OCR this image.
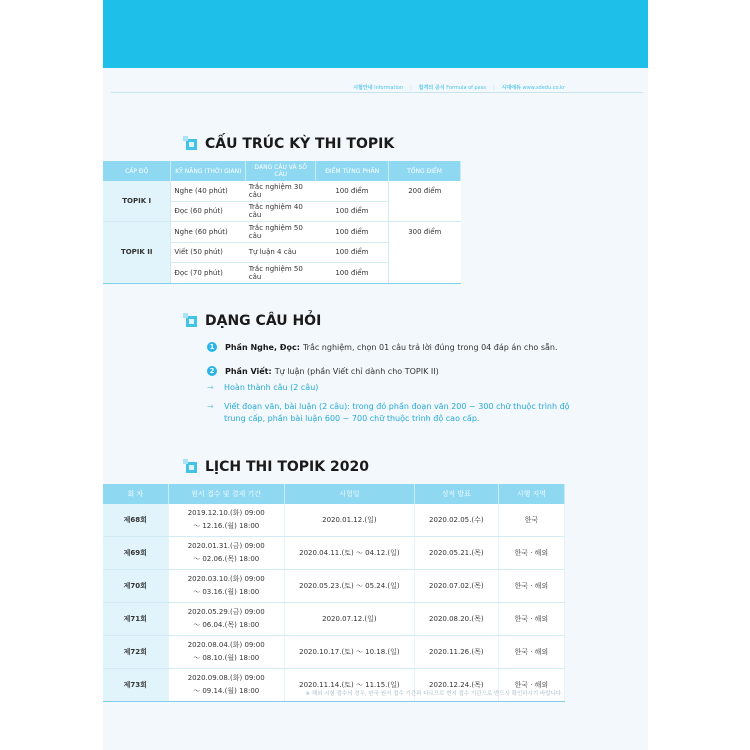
시험안내 Information | 합격의 공식 Formula of pass | 시대에듀 www.sdedu.co.kr
CẤU TRÚC KỲ THI TOPIK
CẤP ĐỘ	KỸ NĂNG (THỜI GIAN)	DẠNG CÂU VÀ SỐ CÂU	ĐIỂM TỪNG PHẦN	TỔNG ĐIỂM
TOPIK I	Nghe (40 phút)	Trắc nghiệm 30 câu	100 điểm	200 điểm
	Đọc (60 phút)	Trắc nghiệm 40 câu	100 điểm	
TOPIK II	Nghe (60 phút)	Trắc nghiệm 50 câu	100 điểm	300 điểm
	Viết (50 phút)	Tự luận 4 câu	100 điểm	
	Đọc (70 phút)	Trắc nghiệm 50 câu	100 điểm	
DẠNG CÂU HỎI
1	Phần Nghe, Đọc: Trắc nghiệm, chọn 01 câu trả lời đúng trong 04 đáp án cho sẵn.
2	Phần Viết: Tự luận (phần Viết chỉ dành cho TOPIK II)
→ Hoàn thành câu (2 câu)
→ Viết đoạn văn, bài luận (2 câu): trong đó phần đoạn văn 200 ~ 300 chữ thuộc trình độ trung cấp, phần bài luận 600 ~ 700 chữ thuộc trình độ cao cấp.
LỊCH THI TOPIK 2020
회 차	원서 접수 및 결제 기간	시험일	성적 발표	시행 지역
제68회	2019.12.10.(화) 09:00
～ 12.16.(월) 18:00	2020.01.12.(일)	2020.02.05.(수)	한국
제69회	2020.01.31.(금) 09:00
～ 02.06.(목) 18:00	2020.04.11.(토) ～ 04.12.(일)	2020.05.21.(목)	한국 · 해외
제70회	2020.03.10.(화) 09:00
～ 03.16.(월) 18:00	2020.05.23.(토) ～ 05.24.(일)	2020.07.02.(목)	한국 · 해외
제71회	2020.05.29.(금) 09:00
～ 06.04.(목) 18:00	2020.07.12.(일)	2020.08.20.(목)	한국 · 해외
제72회	2020.08.04.(화) 09:00
～ 08.10.(월) 18:00	2020.10.17.(토) ～ 10.18.(일)	2020.11.26.(목)	한국 · 해외
제73회	2020.09.08.(화) 09:00
～ 09.14.(월) 18:00	2020.11.14.(토) ～ 11.15.(일)	2020.12.24.(목)	한국 · 해외
※ 해외 시험 접수의 경우, 한국 원서 접수 기간과 다르므로 현지 접수 기관으로 반드시 확인하시기 바랍니다.
